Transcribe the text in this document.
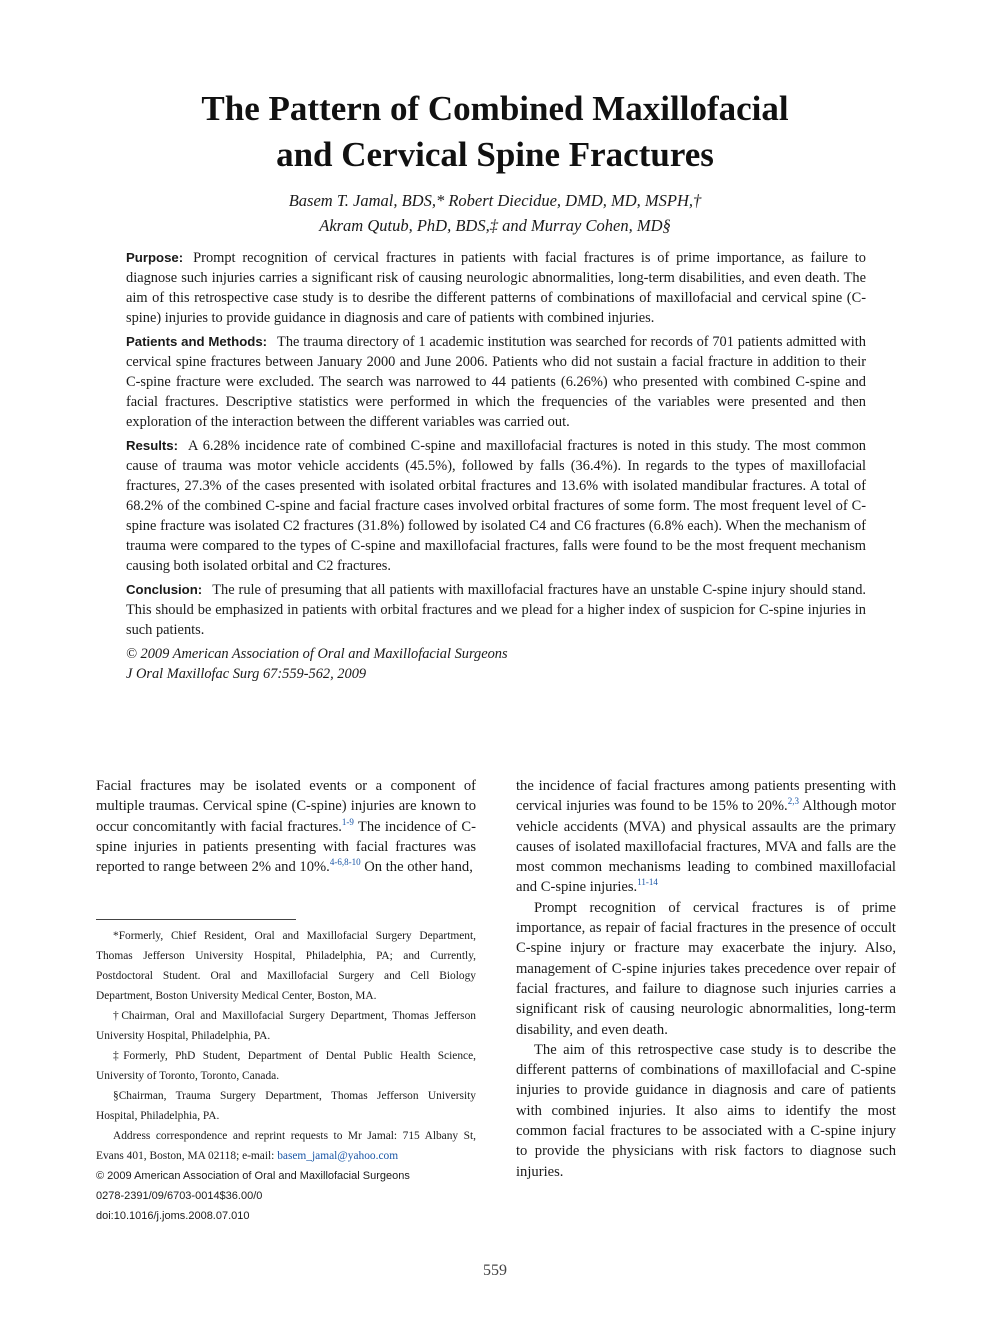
The Pattern of Combined Maxillofacial
and Cervical Spine Fractures
Basem T. Jamal, BDS,* Robert Diecidue, DMD, MD, MSPH,†
Akram Qutub, PhD, BDS,‡ and Murray Cohen, MD§

Purpose: Prompt recognition of cervical fractures in patients with facial fractures is of prime importance, as failure to diagnose such injuries carries a significant risk of causing neurologic abnormalities, long-term disabilities, and even death. The aim of this retrospective case study is to desribe the different patterns of combinations of maxillofacial and cervical spine (C-spine) injuries to provide guidance in diagnosis and care of patients with combined injuries.

Patients and Methods: The trauma directory of 1 academic institution was searched for records of 701 patients admitted with cervical spine fractures between January 2000 and June 2006. Patients who did not sustain a facial fracture in addition to their C-spine fracture were excluded. The search was narrowed to 44 patients (6.26%) who presented with combined C-spine and facial fractures. Descriptive statistics were performed in which the frequencies of the variables were presented and then exploration of the interaction between the different variables was carried out.

Results: A 6.28% incidence rate of combined C-spine and maxillofacial fractures is noted in this study. The most common cause of trauma was motor vehicle accidents (45.5%), followed by falls (36.4%). In regards to the types of maxillofacial fractures, 27.3% of the cases presented with isolated orbital fractures and 13.6% with isolated mandibular fractures. A total of 68.2% of the combined C-spine and facial fracture cases involved orbital fractures of some form. The most frequent level of C-spine fracture was isolated C2 fractures (31.8%) followed by isolated C4 and C6 fractures (6.8% each). When the mechanism of trauma were compared to the types of C-spine and maxillofacial fractures, falls were found to be the most frequent mechanism causing both isolated orbital and C2 fractures.

Conclusion: The rule of presuming that all patients with maxillofacial fractures have an unstable C-spine injury should stand. This should be emphasized in patients with orbital fractures and we plead for a higher index of suspicion for C-spine injuries in such patients.

© 2009 American Association of Oral and Maxillofacial Surgeons

J Oral Maxillofac Surg 67:559-562, 2009

Facial fractures may be isolated events or a component of multiple traumas. Cervical spine (C-spine) injuries are known to occur concomitantly with facial fractures.$^{1-9}$ The incidence of C-spine injuries in patients presenting with facial fractures was reported to range between 2% and 10%.$^{4-6,8-10}$ On the other hand,

*Formerly, Chief Resident, Oral and Maxillofacial Surgery Department, Thomas Jefferson University Hospital, Philadelphia, PA; and Currently, Postdoctoral Student. Oral and Maxillofacial Surgery and Cell Biology Department, Boston University Medical Center, Boston, MA.

†Chairman, Oral and Maxillofacial Surgery Department, Thomas Jefferson University Hospital, Philadelphia, PA.

‡Formerly, PhD Student, Department of Dental Public Health Science, University of Toronto, Toronto, Canada.

§Chairman, Trauma Surgery Department, Thomas Jefferson University Hospital, Philadelphia, PA.

Address correspondence and reprint requests to Mr Jamal: 715 Albany St, Evans 401, Boston, MA 02118; e-mail: basem_jamal@yahoo.com

© 2009 American Association of Oral and Maxillofacial Surgeons

0278-2391/09/6703-0014$36.00/0

doi:10.1016/j.joms.2008.07.010

the incidence of facial fractures among patients presenting with cervical injuries was found to be 15% to 20%.$^{2,3}$ Although motor vehicle accidents (MVA) and physical assaults are the primary causes of isolated maxillofacial fractures, MVA and falls are the most common mechanisms leading to combined maxillofacial and C-spine injuries.$^{11-14}$

Prompt recognition of cervical fractures is of prime importance, as repair of facial fractures in the presence of occult C-spine injury or fracture may exacerbate the injury. Also, management of C-spine injuries takes precedence over repair of facial fractures, and failure to diagnose such injuries carries a significant risk of causing neurologic abnormalities, long-term disability, and even death.

The aim of this retrospective case study is to describe the different patterns of combinations of maxillofacial and C-spine injuries to provide guidance in diagnosis and care of patients with combined injuries. It also aims to identify the most common facial fractures to be associated with a C-spine injury to provide the physicians with risk factors to diagnose such injuries.

559
